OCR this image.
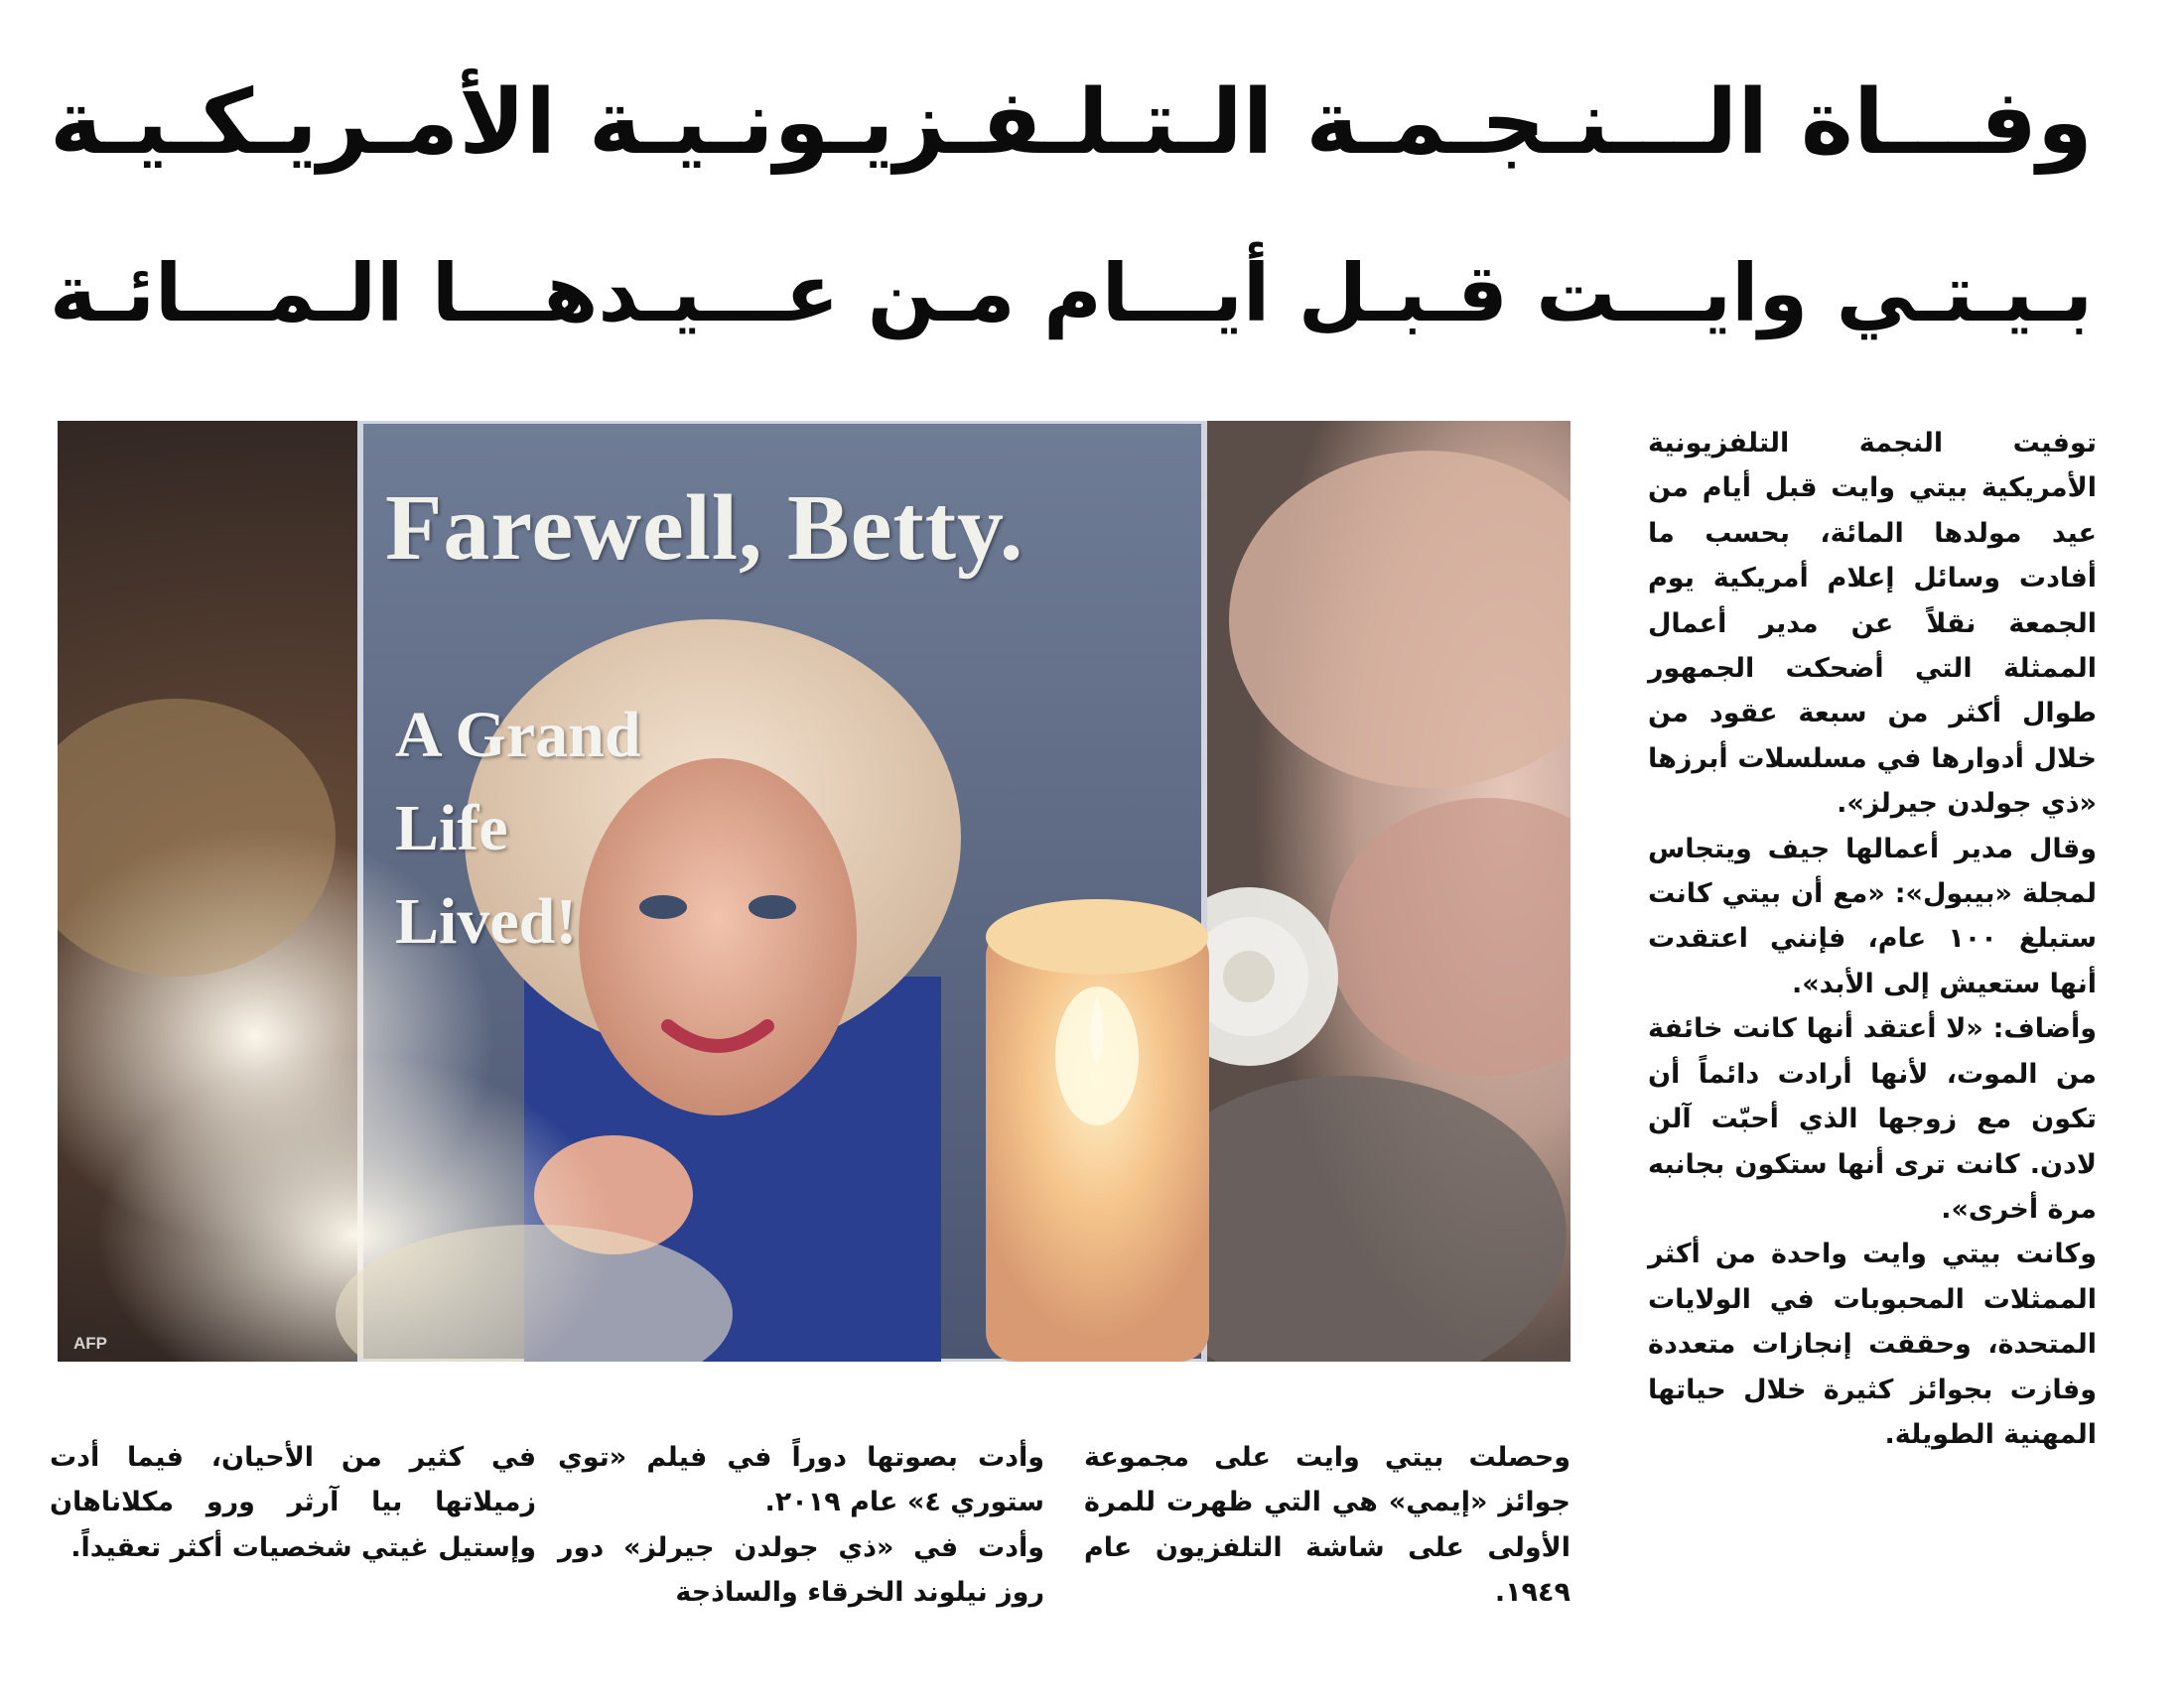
وفـــاة الـــنـجـمـة الـتـلـفـزيـونـيـة الأمـريـكـيـة
بـيـتـي وايـــت قـبـل أيـــام مـن عـــيـدهـــا الـمـــائـة
Farewell, Betty.
A Grand
Life
Lived!
AFP

توفيت النجمة التلفزيونية الأمريكية بيتي وايت قبل أيام من عيد مولدها المائة، بحسب ما أفادت وسائل إعلام أمريكية يوم الجمعة نقلاً عن مدير أعمال الممثلة التي أضحكت الجمهور طوال أكثر من سبعة عقود من خلال أدوارها في مسلسلات أبرزها «ذي جولدن جيرلز».

وقال مدير أعمالها جيف ويتجاس لمجلة «بيبول»: «مع أن بيتي كانت ستبلغ ١٠٠ عام، فإنني اعتقدت أنها ستعيش إلى الأبد».

وأضاف: «لا أعتقد أنها كانت خائفة من الموت، لأنها أرادت دائماً أن تكون مع زوجها الذي أحبّت آلن لادن. كانت ترى أنها ستكون بجانبه مرة أخرى».

وكانت بيتي وايت واحدة من أكثر الممثلات المحبوبات في الولايات المتحدة، وحققت إنجازات متعددة وفازت بجوائز كثيرة خلال حياتها المهنية الطويلة.

وحصلت بيتي وايت على مجموعة جوائز «إيمي» هي التي ظهرت للمرة الأولى على شاشة التلفزيون عام ١٩٤٩.

وأدت بصوتها دوراً في فيلم «توي ستوري ٤» عام ٢٠١٩.

وأدت في «ذي جولدن جيرلز» دور روز نيلوند الخرقاء والساذجة

في كثير من الأحيان، فيما أدت زميلاتها بيا آرثر ورو مكلاناهان وإستيل غيتي شخصيات أكثر تعقيداً.
